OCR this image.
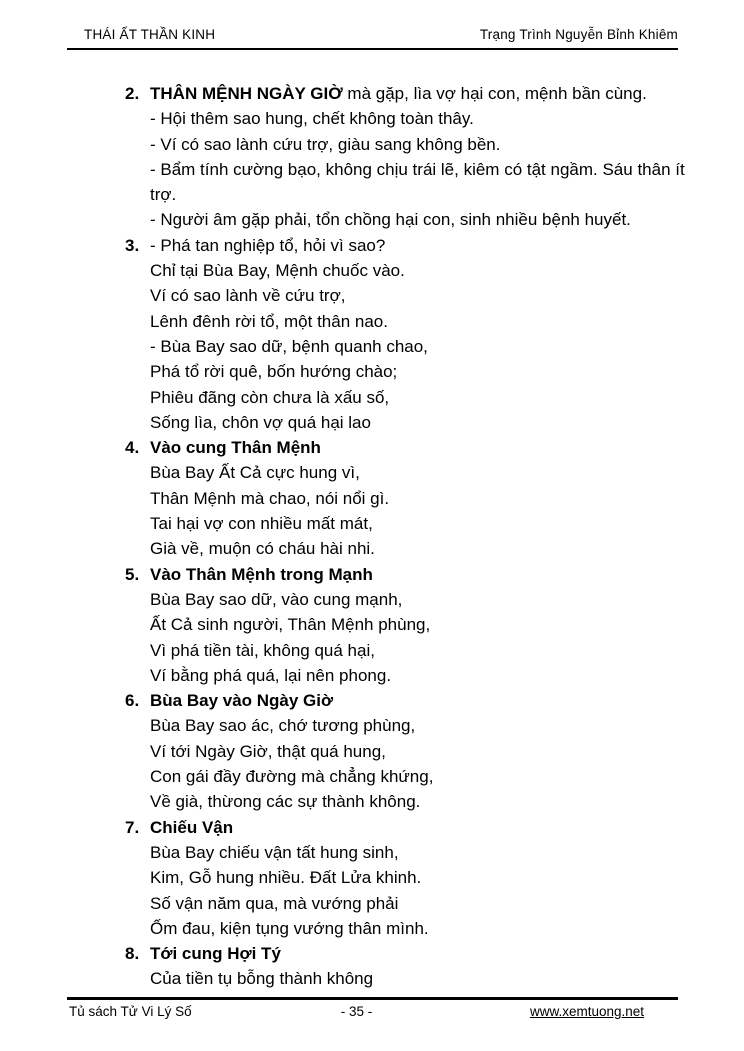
THÁI ẤT THẦN KINH	Trạng Trình Nguyễn Bỉnh Khiêm
2. THÂN MỆNH NGÀY GIỜ mà gặp, lìa vợ hại con, mệnh bần cùng.
- Hội thêm sao hung, chết không toàn thây.
- Ví có sao lành cứu trợ, giàu sang không bền.
- Bẩm tính cường bạo, không chịu trái lẽ, kiêm có tật ngầm. Sáu thân ít trợ.
- Người âm gặp phải, tổn chồng hại con, sinh nhiều bệnh huyết.
3. - Phá tan nghiệp tổ, hỏi vì sao?
Chỉ tại Bùa Bay, Mệnh chuốc vào.
Ví có sao lành về cứu trợ,
Lênh đênh rời tổ, một thân nao.
- Bùa Bay sao dữ, bệnh quanh chao,
Phá tổ rời quê, bốn hướng chào;
Phiêu đãng còn chưa là xấu số,
Sống lìa, chôn vợ quá hại lao
4. Vào cung Thân Mệnh
Bùa Bay Ất Cả cực hung vì,
Thân Mệnh mà chao, nói nổi gì.
Tai hại vợ con nhiều mất mát,
Già về, muộn có cháu hài nhi.
5. Vào Thân Mệnh trong Mạnh
Bùa Bay sao dữ, vào cung mạnh,
Ất Cả sinh người, Thân Mệnh phùng,
Vì phá tiền tài, không quá hại,
Ví bằng phá quá, lại nên phong.
6. Bùa Bay vào Ngày Giờ
Bùa Bay sao ác, chớ tương phùng,
Ví tới Ngày Giờ, thật quá hung,
Con gái đầy đường mà chẳng khứng,
Về già, thừong các sự thành không.
7. Chiếu Vận
Bùa Bay chiếu vận tất hung sinh,
Kim, Gỗ hung nhiều. Đất Lửa khinh.
Số vận năm qua, mà vướng phải
Ốm đau, kiện tụng vướng thân mình.
8. Tới cung Hợi Tý
Của tiền tụ bỗng thành không
Tủ sách Tử Vi Lý Số	- 35 -	www.xemtuong.net
